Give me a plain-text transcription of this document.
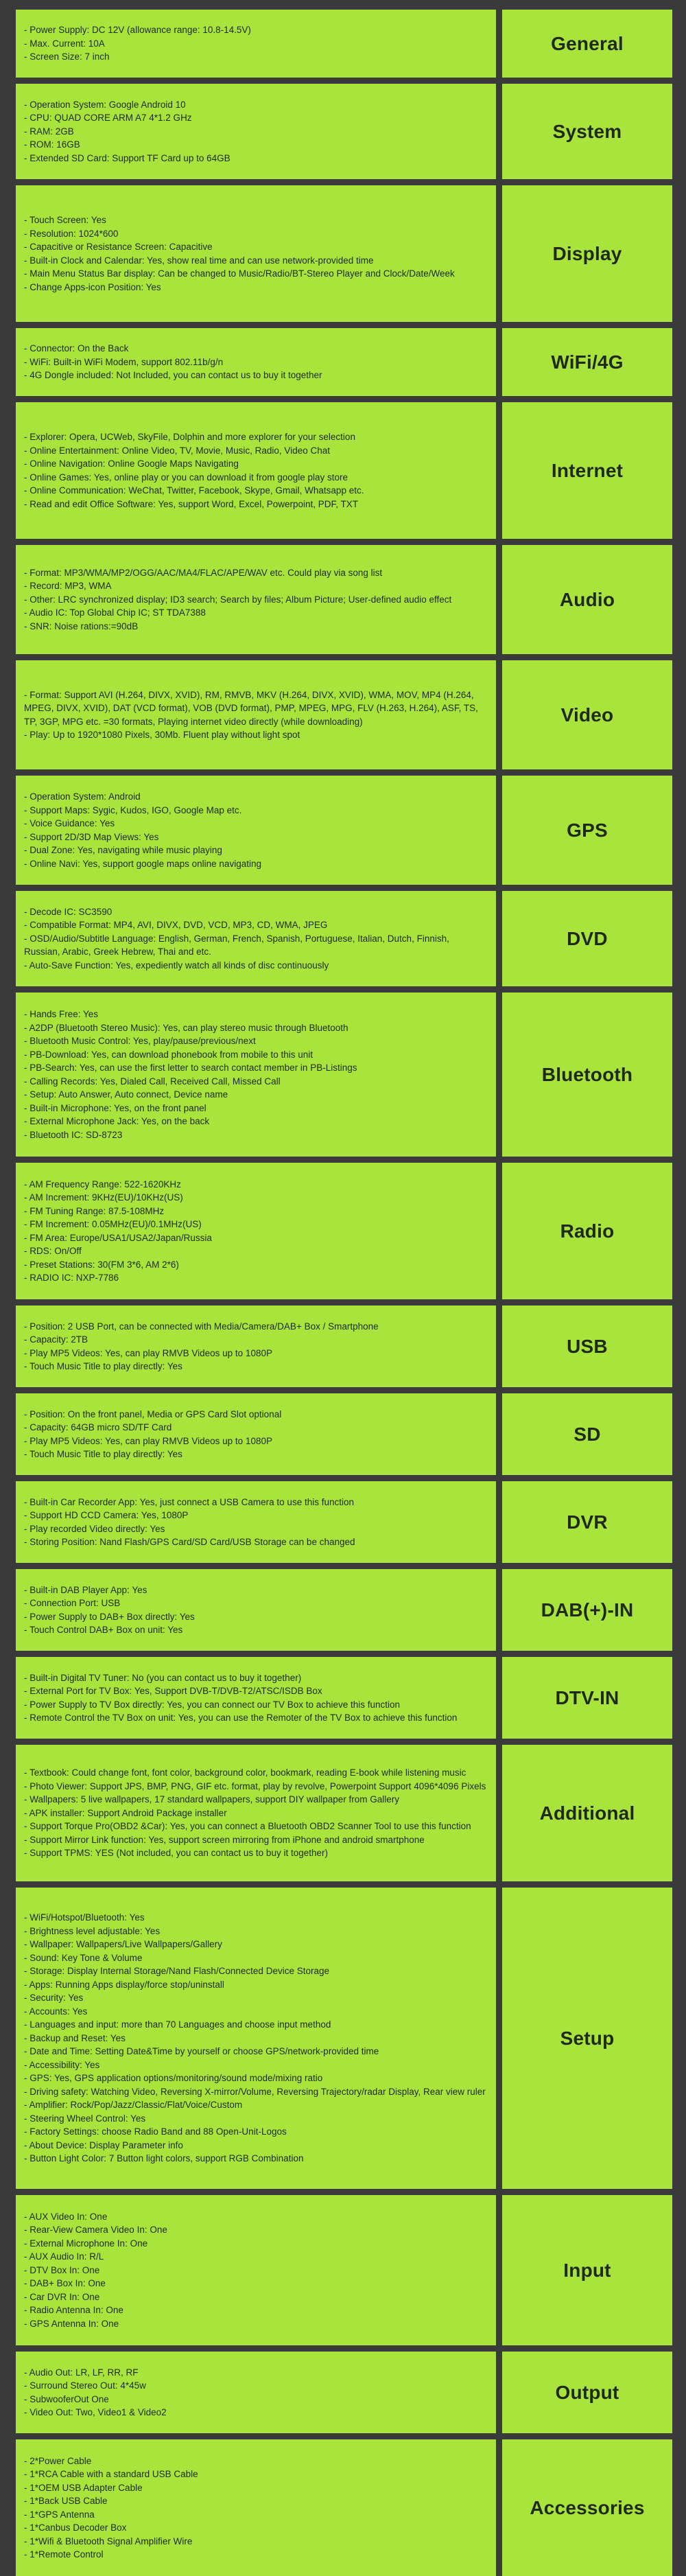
- Power Supply: DC 12V (allowance range: 10.8-14.5V)
- Max. Current: 10A
- Screen Size: 7 inch
General
- Operation System: Google Android 10
- CPU: QUAD CORE ARM A7 4*1.2 GHz
- RAM: 2GB
- ROM: 16GB
- Extended SD Card: Support TF Card up to 64GB
System
- Touch Screen: Yes
- Resolution: 1024*600
- Capacitive or Resistance Screen: Capacitive
- Built-in Clock and Calendar: Yes, show real time and can use network-provided time
- Main Menu Status Bar display: Can be changed to Music/Radio/BT-Stereo Player and Clock/Date/Week
- Change Apps-icon Position: Yes
Display
- Connector: On the Back
- WiFi: Built-in WiFi Modem, support 802.11b/g/n
- 4G Dongle included: Not Included, you can contact us to buy it together
WiFi/4G
- Explorer: Opera, UCWeb, SkyFile, Dolphin and more explorer for your selection
- Online Entertainment: Online Video, TV, Movie, Music, Radio, Video Chat
- Online Navigation: Online Google Maps Navigating
- Online Games: Yes, online play or you can download it from google play store
- Online Communication: WeChat, Twitter, Facebook, Skype, Gmail, Whatsapp etc.
- Read and edit Office Software: Yes, support Word, Excel, Powerpoint, PDF, TXT
Internet
- Format: MP3/WMA/MP2/OGG/AAC/MA4/FLAC/APE/WAV etc. Could play via song list
- Record: MP3, WMA
- Other: LRC synchronized display; ID3 search; Search by files; Album Picture; User-defined audio effect
- Audio IC: Top Global Chip IC; ST TDA7388
- SNR: Noise rations:=90dB
Audio
- Format: Support AVI (H.264, DIVX, XVID), RM, RMVB, MKV (H.264, DIVX, XVID), WMA, MOV, MP4 (H.264, MPEG, DIVX, XVID), DAT (VCD format), VOB (DVD format), PMP, MPEG, MPG, FLV (H.263, H.264), ASF, TS, TP, 3GP, MPG etc. =30 formats, Playing internet video directly (while downloading)
- Play: Up to 1920*1080 Pixels, 30Mb. Fluent play without light spot
Video
- Operation System: Android
- Support Maps: Sygic, Kudos, IGO, Google Map etc.
- Voice Guidance: Yes
- Support 2D/3D Map Views: Yes
- Dual Zone: Yes, navigating while music playing
- Online Navi: Yes, support google maps online navigating
GPS
- Decode IC: SC3590
- Compatible Format: MP4, AVI, DIVX, DVD, VCD, MP3, CD, WMA, JPEG
- OSD/Audio/Subtitle Language: English, German, French, Spanish, Portuguese, Italian, Dutch, Finnish, Russian, Arabic, Greek Hebrew, Thai and etc.
- Auto-Save Function: Yes, expediently watch all kinds of disc continuously
DVD
- Hands Free: Yes
- A2DP (Bluetooth Stereo Music): Yes, can play stereo music through Bluetooth
- Bluetooth Music Control: Yes, play/pause/previous/next
- PB-Download: Yes, can download phonebook from mobile to this unit
- PB-Search: Yes, can use the first letter to search contact member in PB-Listings
- Calling Records: Yes, Dialed Call, Received Call, Missed Call
- Setup: Auto Answer, Auto connect, Device name
- Built-in Microphone: Yes, on the front panel
- External Microphone Jack: Yes, on the back
- Bluetooth IC: SD-8723
Bluetooth
- AM Frequency Range: 522-1620KHz
- AM Increment: 9KHz(EU)/10KHz(US)
- FM Tuning Range: 87.5-108MHz
- FM Increment: 0.05MHz(EU)/0.1MHz(US)
- FM Area: Europe/USA1/USA2/Japan/Russia
- RDS: On/Off
- Preset Stations: 30(FM 3*6, AM 2*6)
- RADIO IC: NXP-7786
Radio
- Position: 2 USB Port, can be connected with Media/Camera/DAB+ Box / Smartphone
- Capacity: 2TB
- Play MP5 Videos: Yes, can play RMVB Videos up to 1080P
- Touch Music Title to play directly: Yes
USB
- Position: On the front panel, Media or GPS Card Slot optional
- Capacity: 64GB micro SD/TF Card
- Play MP5 Videos: Yes, can play RMVB Videos up to 1080P
- Touch Music Title to play directly: Yes
SD
- Built-in Car Recorder App: Yes, just connect a USB Camera to use this function
- Support HD CCD Camera: Yes, 1080P
- Play recorded Video directly: Yes
- Storing Position: Nand Flash/GPS Card/SD Card/USB Storage can be changed
DVR
- Built-in DAB Player App: Yes
- Connection Port: USB
- Power Supply to DAB+ Box directly: Yes
- Touch Control DAB+ Box on unit: Yes
DAB(+)-IN
- Built-in Digital TV Tuner: No (you can contact us to buy it together)
- External Port for TV Box: Yes, Support DVB-T/DVB-T2/ATSC/ISDB Box
- Power Supply to TV Box directly: Yes, you can connect our TV Box to achieve this function
- Remote Control the TV Box on unit: Yes, you can use the Remoter of the TV Box to achieve this function
DTV-IN
- Textbook: Could change font, font color, background color, bookmark, reading E-book while listening music
- Photo Viewer: Support JPS, BMP, PNG, GIF etc. format, play by revolve, Powerpoint Support 4096*4096 Pixels
- Wallpapers: 5 live wallpapers, 17 standard wallpapers, support DIY wallpaper from Gallery
- APK installer: Support Android Package installer
- Support Torque Pro(OBD2 &Car): Yes, you can connect a Bluetooth OBD2 Scanner Tool to use this function
- Support Mirror Link function: Yes, support screen mirroring from iPhone and android smartphone
- Support TPMS: YES (Not included, you can contact us to buy it together)
Additional
- WiFi/Hotspot/Bluetooth: Yes
- Brightness level adjustable: Yes
- Wallpaper: Wallpapers/Live Wallpapers/Gallery
- Sound: Key Tone & Volume
- Storage: Display Internal Storage/Nand Flash/Connected Device Storage
- Apps: Running Apps display/force stop/uninstall
- Security: Yes
- Accounts: Yes
- Languages and input: more than 70 Languages and choose input method
- Backup and Reset: Yes
- Date and Time: Setting Date&Time by yourself or choose GPS/network-provided time
- Accessibility: Yes
- GPS: Yes, GPS application options/monitoring/sound mode/mixing ratio
- Driving safety: Watching Video, Reversing X-mirror/Volume, Reversing Trajectory/radar Display, Rear view ruler
- Amplifier: Rock/Pop/Jazz/Classic/Flat/Voice/Custom
- Steering Wheel Control: Yes
- Factory Settings: choose Radio Band and 88 Open-Unit-Logos
- About Device: Display Parameter info
- Button Light Color: 7 Button light colors, support RGB Combination
Setup
- AUX Video In: One
- Rear-View Camera Video In: One
- External Microphone In: One
- AUX Audio In: R/L
- DTV Box In: One
- DAB+ Box In: One
- Car DVR In: One
- Radio Antenna In: One
- GPS Antenna In: One
Input
- Audio Out: LR, LF, RR, RF
- Surround Stereo Out: 4*45w
- SubwooferOut One
- Video Out: Two, Video1 & Video2
Output
- 2*Power Cable
- 1*RCA Cable with a standard USB Cable
- 1*OEM USB Adapter Cable
- 1*Back USB Cable
- 1*GPS Antenna
- 1*Canbus Decoder Box
- 1*Wifi & Bluetooth Signal Amplifier Wire
- 1*Remote Control
Accessories
